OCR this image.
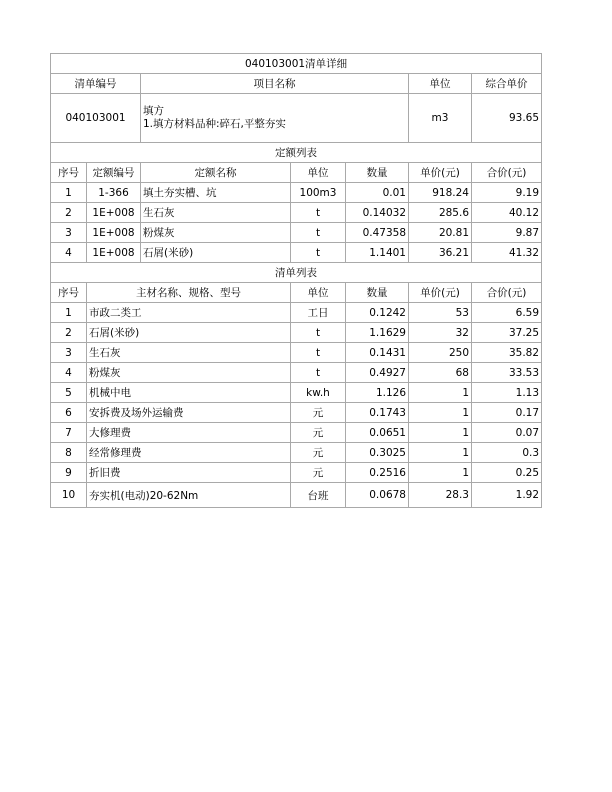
040103001清单详细						
清单编号		项目名称			单位	综合单价
040103001		填方
1.填方材料品种:碎石,平整夯实			m3	93.65
定额列表						
序号	定额编号	定额名称	单位	数量	单价(元)	合价(元)
1	1-366	填土夯实槽、坑	100m3	0.01	918.24	9.19
2	1E+008	生石灰	t	0.14032	285.6	40.12
3	1E+008	粉煤灰	t	0.47358	20.81	9.87
4	1E+008	石屑(米砂)	t	1.1401	36.21	41.32
清单列表						
序号	主材名称、规格、型号		单位	数量	单价(元)	合价(元)
1	市政二类工		工日	0.1242	53	6.59
2	石屑(米砂)		t	1.1629	32	37.25
3	生石灰		t	0.1431	250	35.82
4	粉煤灰		t	0.4927	68	33.53
5	机械中电		kw.h	1.126	1	1.13
6	安拆费及场外运输费		元	0.1743	1	0.17
7	大修理费		元	0.0651	1	0.07
8	经常修理费		元	0.3025	1	0.3
9	折旧费		元	0.2516	1	0.25
10	夯实机(电动)20-62Nm		台班	0.0678	28.3	1.92
